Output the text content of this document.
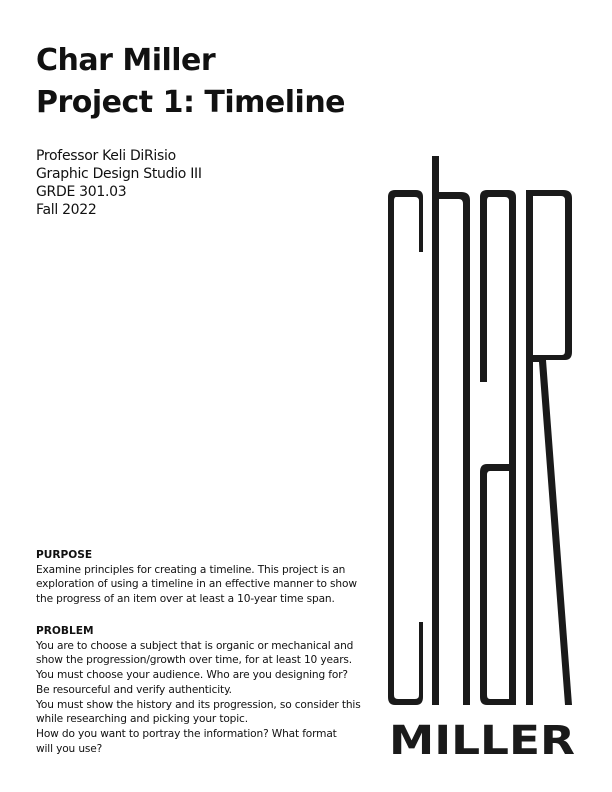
Char Miller
Project 1: Timeline
Professor Keli DiRisio
Graphic Design Studio III
GRDE 301.03
Fall 2022
PURPOSE
Examine principles for creating a timeline. This project is an
exploration of using a timeline in an effective manner to show
the progress of an item over at least a 10-year time span.
PROBLEM
You are to choose a subject that is organic or mechanical and
show the progression/growth over time, for at least 10 years.
You must choose your audience. Who are you designing for?
Be resourceful and verify authenticity.
You must show the history and its progression, so consider this
while researching and picking your topic.
How do you want to portray the information? What format
will you use?	MILLER
